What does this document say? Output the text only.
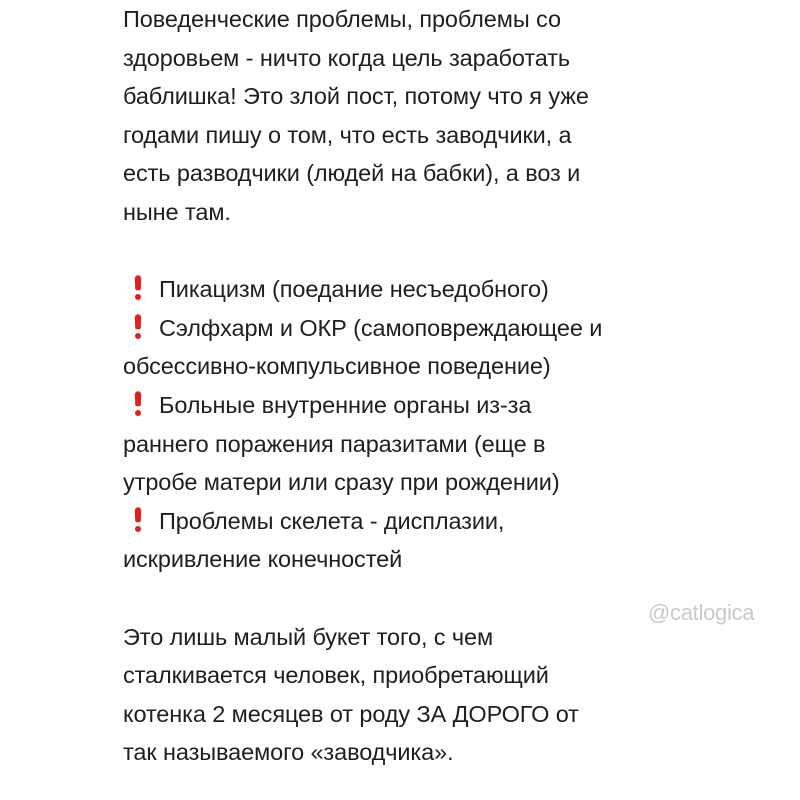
Поведенческие проблемы, проблемы со
здоровьем - ничто когда цель заработать
баблишка! Это злой пост, потому что я уже
годами пишу о том, что есть заводчики, а
есть разводчики (людей на бабки), а воз и
ныне там.
Пикацизм (поедание несъедобного)
Сэлфхарм и ОКР (самоповреждающее и
обсессивно-компульсивное поведение)
Больные внутренние органы из-за
раннего поражения паразитами (еще в
утробе матери или сразу при рождении)
Проблемы скелета - дисплазии,
искривление конечностей
Это лишь малый букет того, с чем
сталкивается человек, приобретающий
котенка 2 месяцев от роду ЗА ДОРОГО от
так называемого «заводчика».
@catlogica
